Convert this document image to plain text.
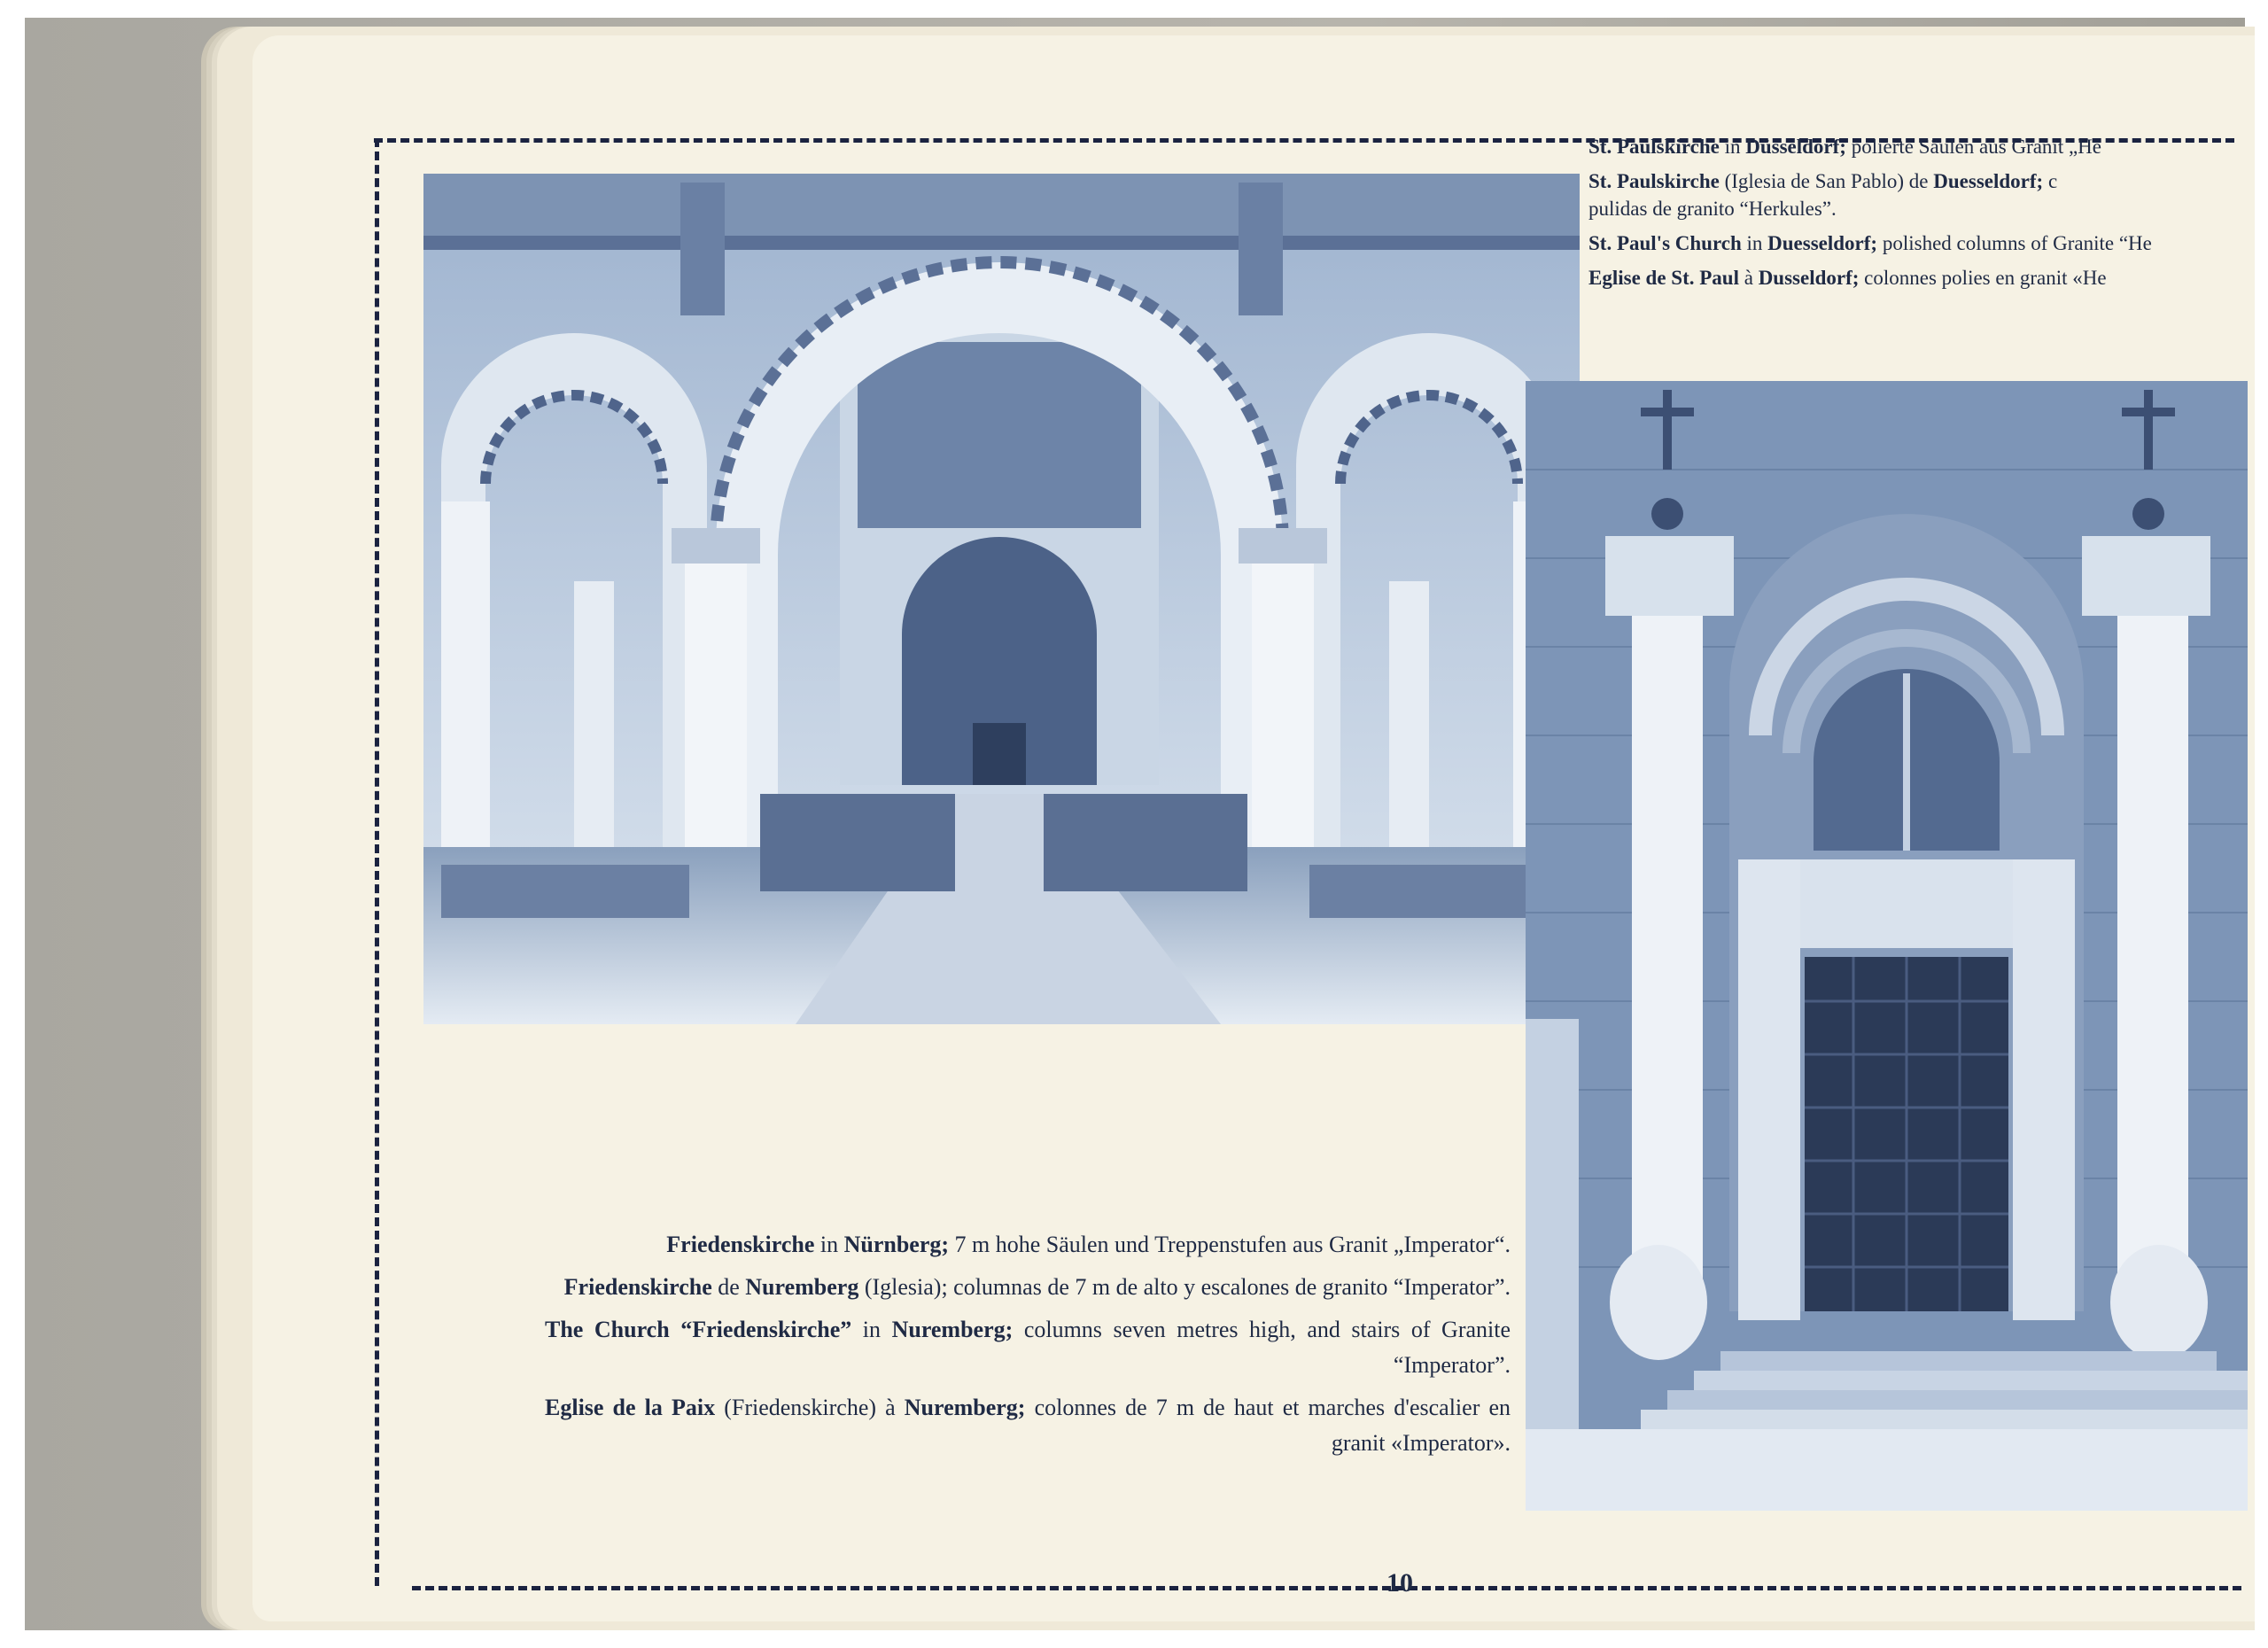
St. Paulskirche in Düsseldorf; polierte Säulen aus Granit „He

St. Paulskirche (Iglesia de San Pablo) de Duesseldorf; c

pulidas de granito “Herkules”.

St. Paul's Church in Duesseldorf; polished columns of Granite “He

Eglise de St. Paul à Dusseldorf; colonnes polies en granit «He

Friedenskirche in Nürnberg; 7 m hohe Säulen und Treppenstufen aus Granit „Imperator“.

Friedenskirche de Nuremberg (Iglesia); columnas de 7 m de alto y escalones de granito “Imperator”.

The Church “Friedenskirche” in Nuremberg; columns seven metres high, and stairs of Granite “Imperator”.

Eglise de la Paix (Friedenskirche) à Nuremberg; colonnes de 7 m de haut et marches d'escalier en granit «Imperator».

10
